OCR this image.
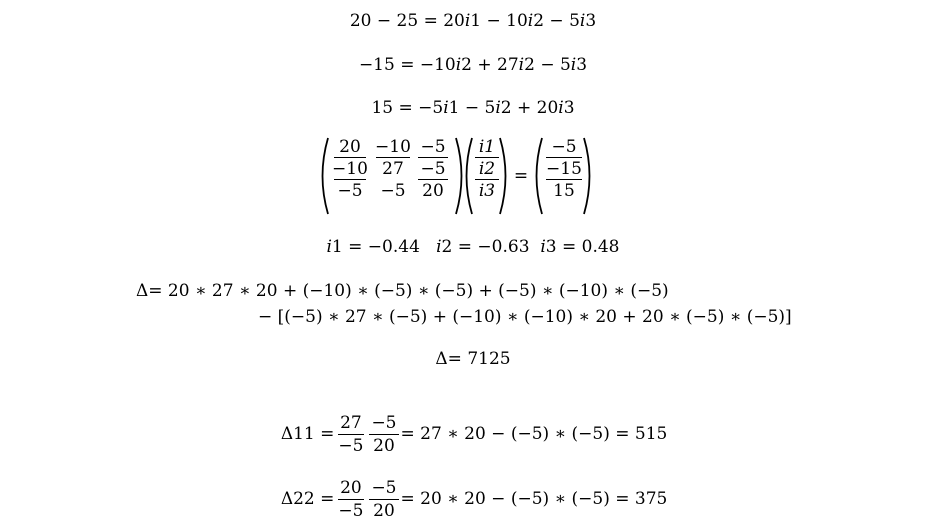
20 − 25 = 20𝑖1 − 10𝑖2 − 5𝑖3
−15 = −10𝑖2 + 27𝑖2 − 5𝑖3
15 = −5𝑖1 − 5𝑖2 + 20𝑖3
20
−10
−5
−10
27
−5
−5
−5
20
𝑖1
𝑖2
𝑖3
=
−5
−15
15
𝑖1 = −0.44   𝑖2 = −0.63  𝑖3 = 0.48
Δ= 20 ∗ 27 ∗ 20 + (−10) ∗ (−5) ∗ (−5) + (−5) ∗ (−10) ∗ (−5)
− [(−5) ∗ 27 ∗ (−5) + (−10) ∗ (−10) ∗ 20 + 20 ∗ (−5) ∗ (−5)]
Δ= 7125

$\Delta 11 = \frac{27}{-5} \frac{-5}{20} = 27$ ∗ 20 − (−5) ∗ (−5) = 515

$\Delta 22 = \frac{20}{-5} \frac{-5}{20} = 20$ ∗ 20 − (−5) ∗ (−5) = 375
